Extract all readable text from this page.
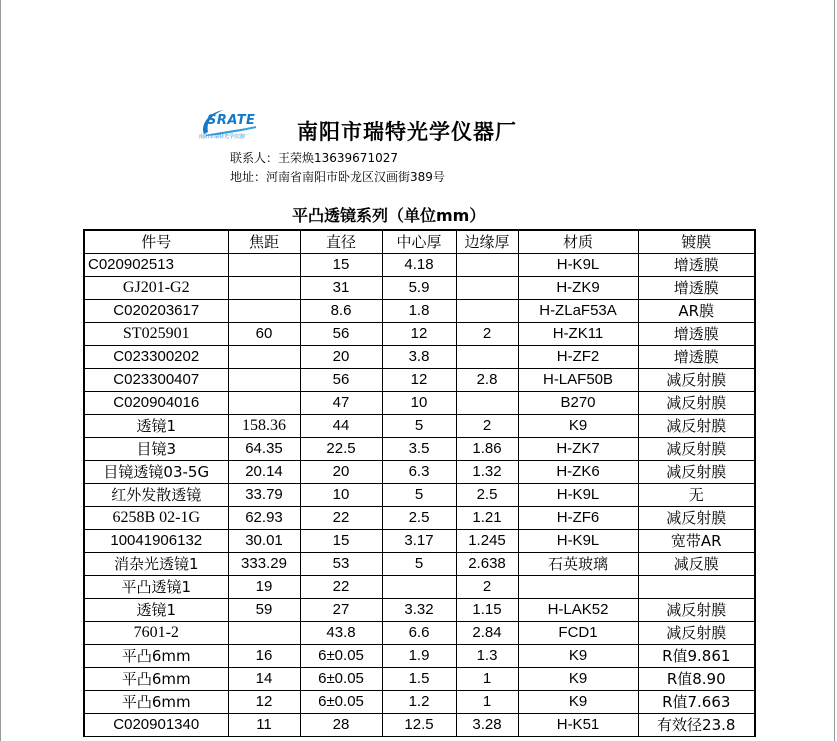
SRATE
南阳市瑞特光学仪器厂 南阳市瑞特光学仪器厂
联系人：王荣焕13639671027
地址：河南省南阳市卧龙区汉画街389号
平凸透镜系列（单位mm）
件号	焦距	直径	中心厚	边缘厚	材质	镀膜
C020902513		15	4.18		H-K9L	增透膜
GJ201-G2		31	5.9		H-ZK9	增透膜
C020203617		8.6	1.8		H-ZLaF53A	AR膜
ST025901	60	56	12	2	H-ZK11	增透膜
C023300202		20	3.8		H-ZF2	增透膜
C023300407		56	12	2.8	H-LAF50B	减反射膜
C020904016		47	10		B270	减反射膜
透镜1	158.36	44	5	2	K9	减反射膜
目镜3	64.35	22.5	3.5	1.86	H-ZK7	减反射膜
目镜透镜03-5G	20.14	20	6.3	1.32	H-ZK6	减反射膜
红外发散透镜	33.79	10	5	2.5	H-K9L	无
6258B 02-1G	62.93	22	2.5	1.21	H-ZF6	减反射膜
10041906132	30.01	15	3.17	1.245	H-K9L	宽带AR
消杂光透镜1	333.29	53	5	2.638	石英玻璃	减反膜
平凸透镜1	19	22		2		
透镜1	59	27	3.32	1.15	H-LAK52	减反射膜
7601-2		43.8	6.6	2.84	FCD1	减反射膜
平凸6mm	16	6±0.05	1.9	1.3	K9	R值9.861
平凸6mm	14	6±0.05	1.5	1	K9	R值8.90
平凸6mm	12	6±0.05	1.2	1	K9	R值7.663
C020901340	11	28	12.5	3.28	H-K51	有效径23.8
